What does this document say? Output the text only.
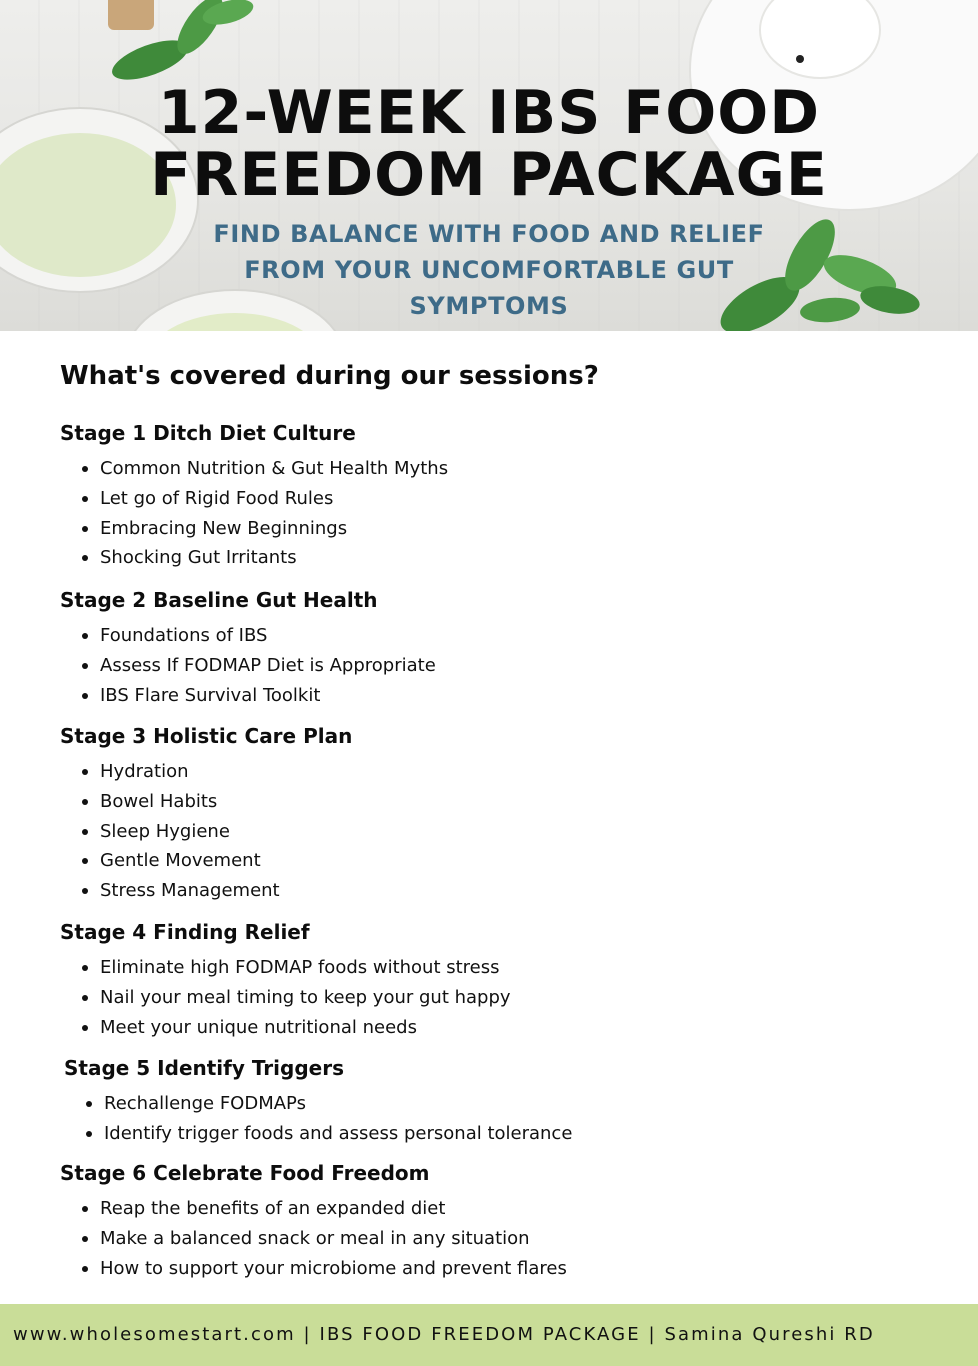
12-WEEK IBS FOOD
FREEDOM PACKAGE
FIND BALANCE WITH FOOD AND RELIEF
FROM YOUR UNCOMFORTABLE GUT
SYMPTOMS
What's covered during our sessions?
Stage 1 Ditch Diet Culture
Common Nutrition & Gut Health Myths
Let go of Rigid Food Rules
Embracing New Beginnings
Shocking Gut Irritants
Stage 2 Baseline Gut Health
Foundations of IBS
Assess If FODMAP Diet is Appropriate
IBS Flare Survival Toolkit
Stage 3 Holistic Care Plan
Hydration
Bowel Habits
Sleep Hygiene
Gentle Movement
Stress Management
Stage 4 Finding Relief
Eliminate high FODMAP foods without stress
Nail your meal timing to keep your gut happy
Meet your unique nutritional needs
Stage 5 Identify Triggers
Rechallenge FODMAPs
Identify trigger foods and assess personal tolerance
Stage 6 Celebrate Food Freedom
Reap the benefits of an expanded diet
Make a balanced snack or meal in any situation
How to support your microbiome and prevent flares
www.wholesomestart.com | IBS FOOD FREEDOM PACKAGE | Samina Qureshi RD
